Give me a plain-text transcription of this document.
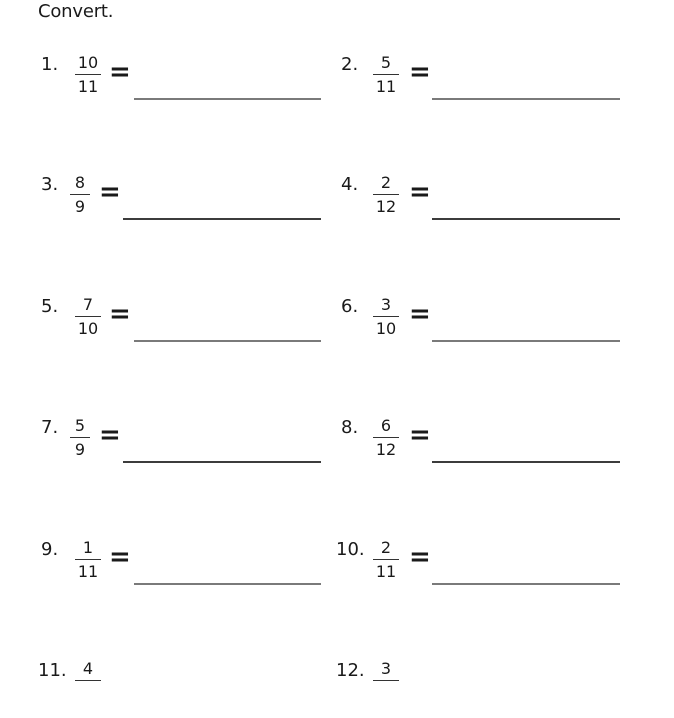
Convert.
1. $\frac{10}{11}$ =	2. $\frac{5}{11}$ =
3. $\frac{8}{9}$ =	4. $\frac{2}{12}$ =
5. $\frac{7}{10}$ =	6. $\frac{3}{10}$ =
7. $\frac{5}{9}$ =	8. $\frac{6}{12}$ =
9. $\frac{1}{11}$ =	10. $\frac{2}{11}$ =
11.	4	12.	3
